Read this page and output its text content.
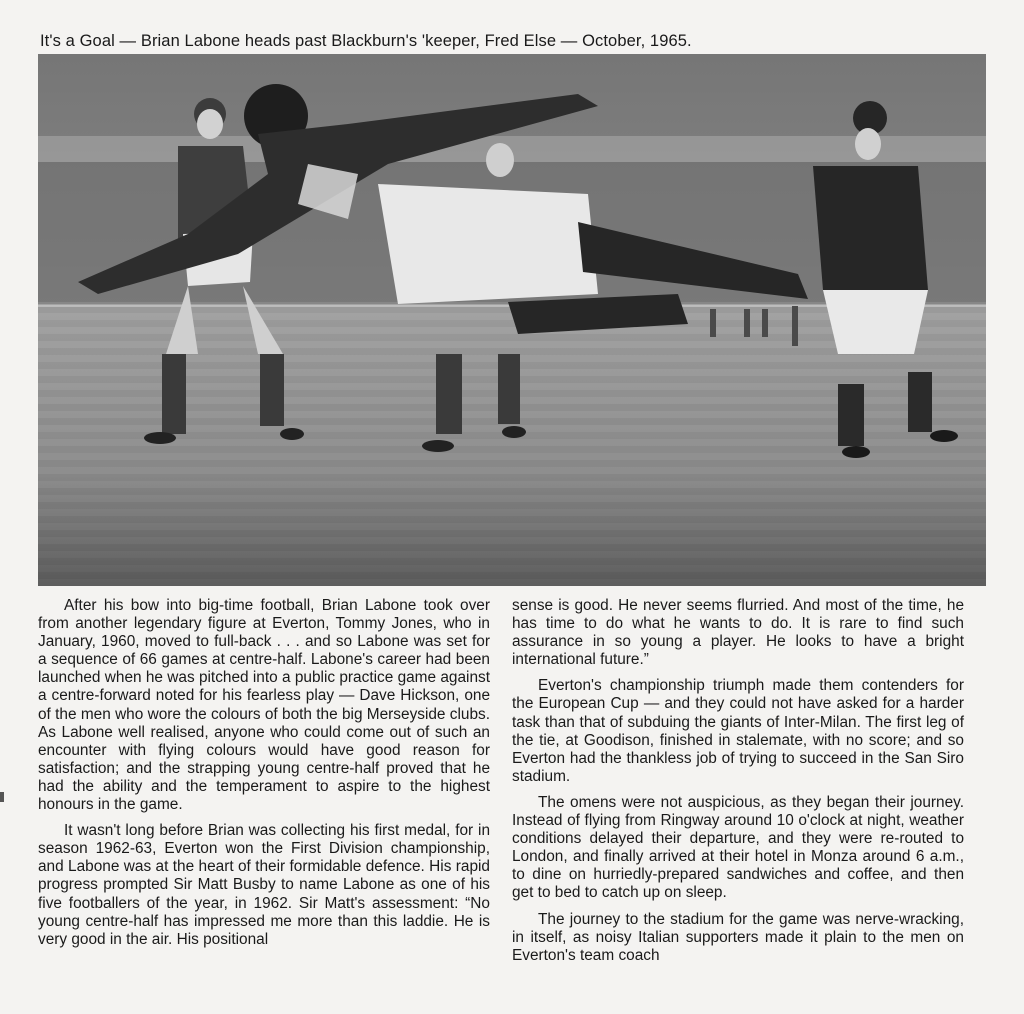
It's a Goal — Brian Labone heads past Blackburn's 'keeper, Fred Else — October, 1965.

After his bow into big-time football, Brian Labone took over from another legendary figure at Everton, Tommy Jones, who in January, 1960, moved to full-back . . . and so Labone was set for a sequence of 66 games at centre-half. Labone's career had been launched when he was pitched into a public practice game against a centre-forward noted for his fearless play — Dave Hickson, one of the men who wore the colours of both the big Merseyside clubs. As Labone well realised, anyone who could come out of such an encounter with flying colours would have good reason for satisfaction; and the strapping young centre-half proved that he had the ability and the temperament to aspire to the highest honours in the game.

It wasn't long before Brian was collecting his first medal, for in season 1962-63, Everton won the First Division championship, and Labone was at the heart of their formidable defence. His rapid progress prompted Sir Matt Busby to name Labone as one of his five footballers of the year, in 1962. Sir Matt's assessment: “No young centre-half has impressed me more than this laddie. He is very good in the air. His positional

sense is good. He never seems flurried. And most of the time, he has time to do what he wants to do. It is rare to find such assurance in so young a player. He looks to have a bright international future.”

Everton's championship triumph made them contenders for the European Cup — and they could not have asked for a harder task than that of subduing the giants of Inter-Milan. The first leg of the tie, at Goodison, finished in stalemate, with no score; and so Everton had the thankless job of trying to succeed in the San Siro stadium.

The omens were not auspicious, as they began their journey. Instead of flying from Ringway around 10 o'clock at night, weather conditions delayed their departure, and they were re-routed to London, and finally arrived at their hotel in Monza around 6 a.m., to dine on hurriedly-prepared sandwiches and coffee, and then get to bed to catch up on sleep.

The journey to the stadium for the game was nerve-wracking, in itself, as noisy Italian supporters made it plain to the men on Everton's team coach
